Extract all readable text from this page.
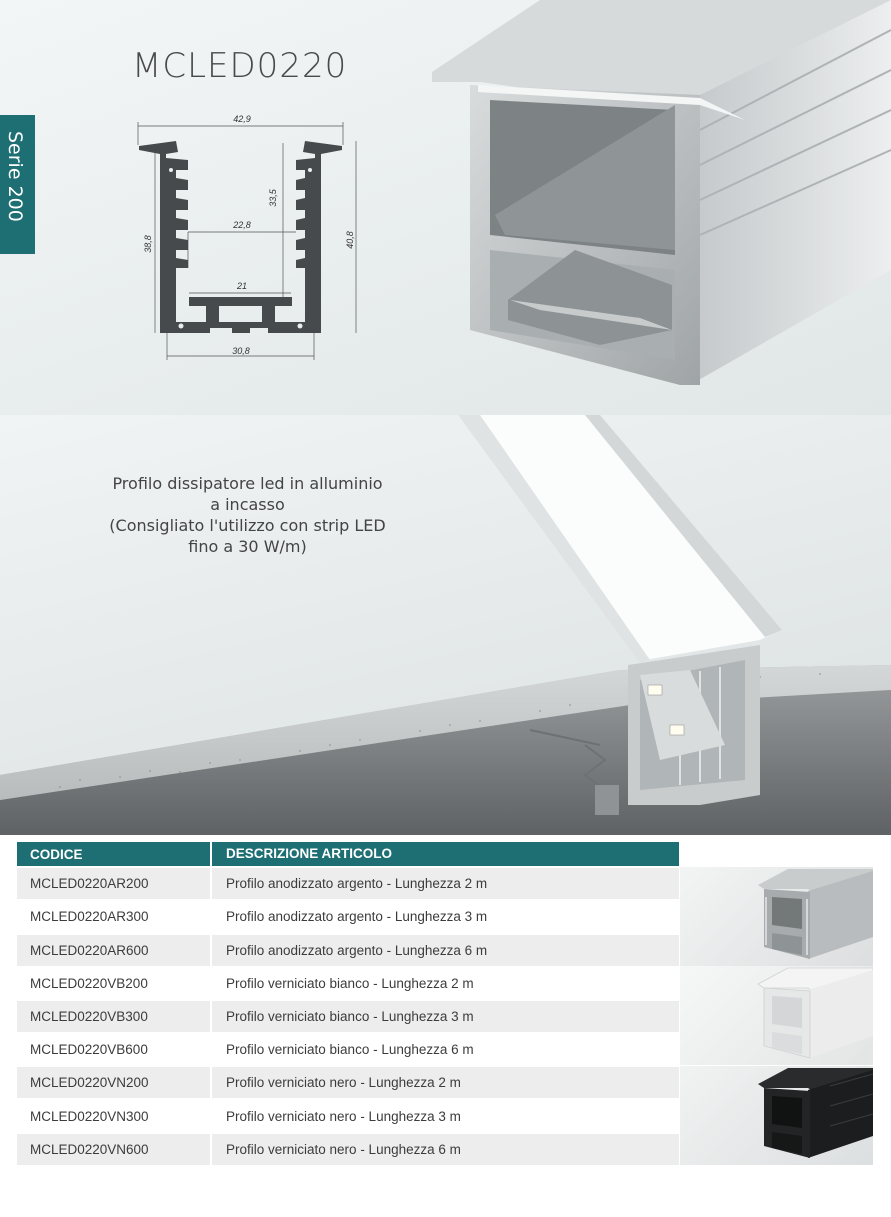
MCLED0220
42,9
22,8
21
30,8
38,8	40,8
33,5
Serie 200
Profilo dissipatore led in alluminio
a incasso
(Consigliato l'utilizzo con strip LED
fino a 30 W/m)
CODICE	DESCRIZIONE ARTICOLO
MCLED0220AR200	Profilo anodizzato argento - Lunghezza 2 m
MCLED0220AR300	Profilo anodizzato argento - Lunghezza 3 m
MCLED0220AR600	Profilo anodizzato argento - Lunghezza 6 m
MCLED0220VB200	Profilo verniciato bianco - Lunghezza 2 m
MCLED0220VB300	Profilo verniciato bianco - Lunghezza 3 m
MCLED0220VB600	Profilo verniciato bianco - Lunghezza 6 m
MCLED0220VN200	Profilo verniciato nero - Lunghezza 2 m
MCLED0220VN300	Profilo verniciato nero - Lunghezza 3 m
MCLED0220VN600	Profilo verniciato nero - Lunghezza 6 m
